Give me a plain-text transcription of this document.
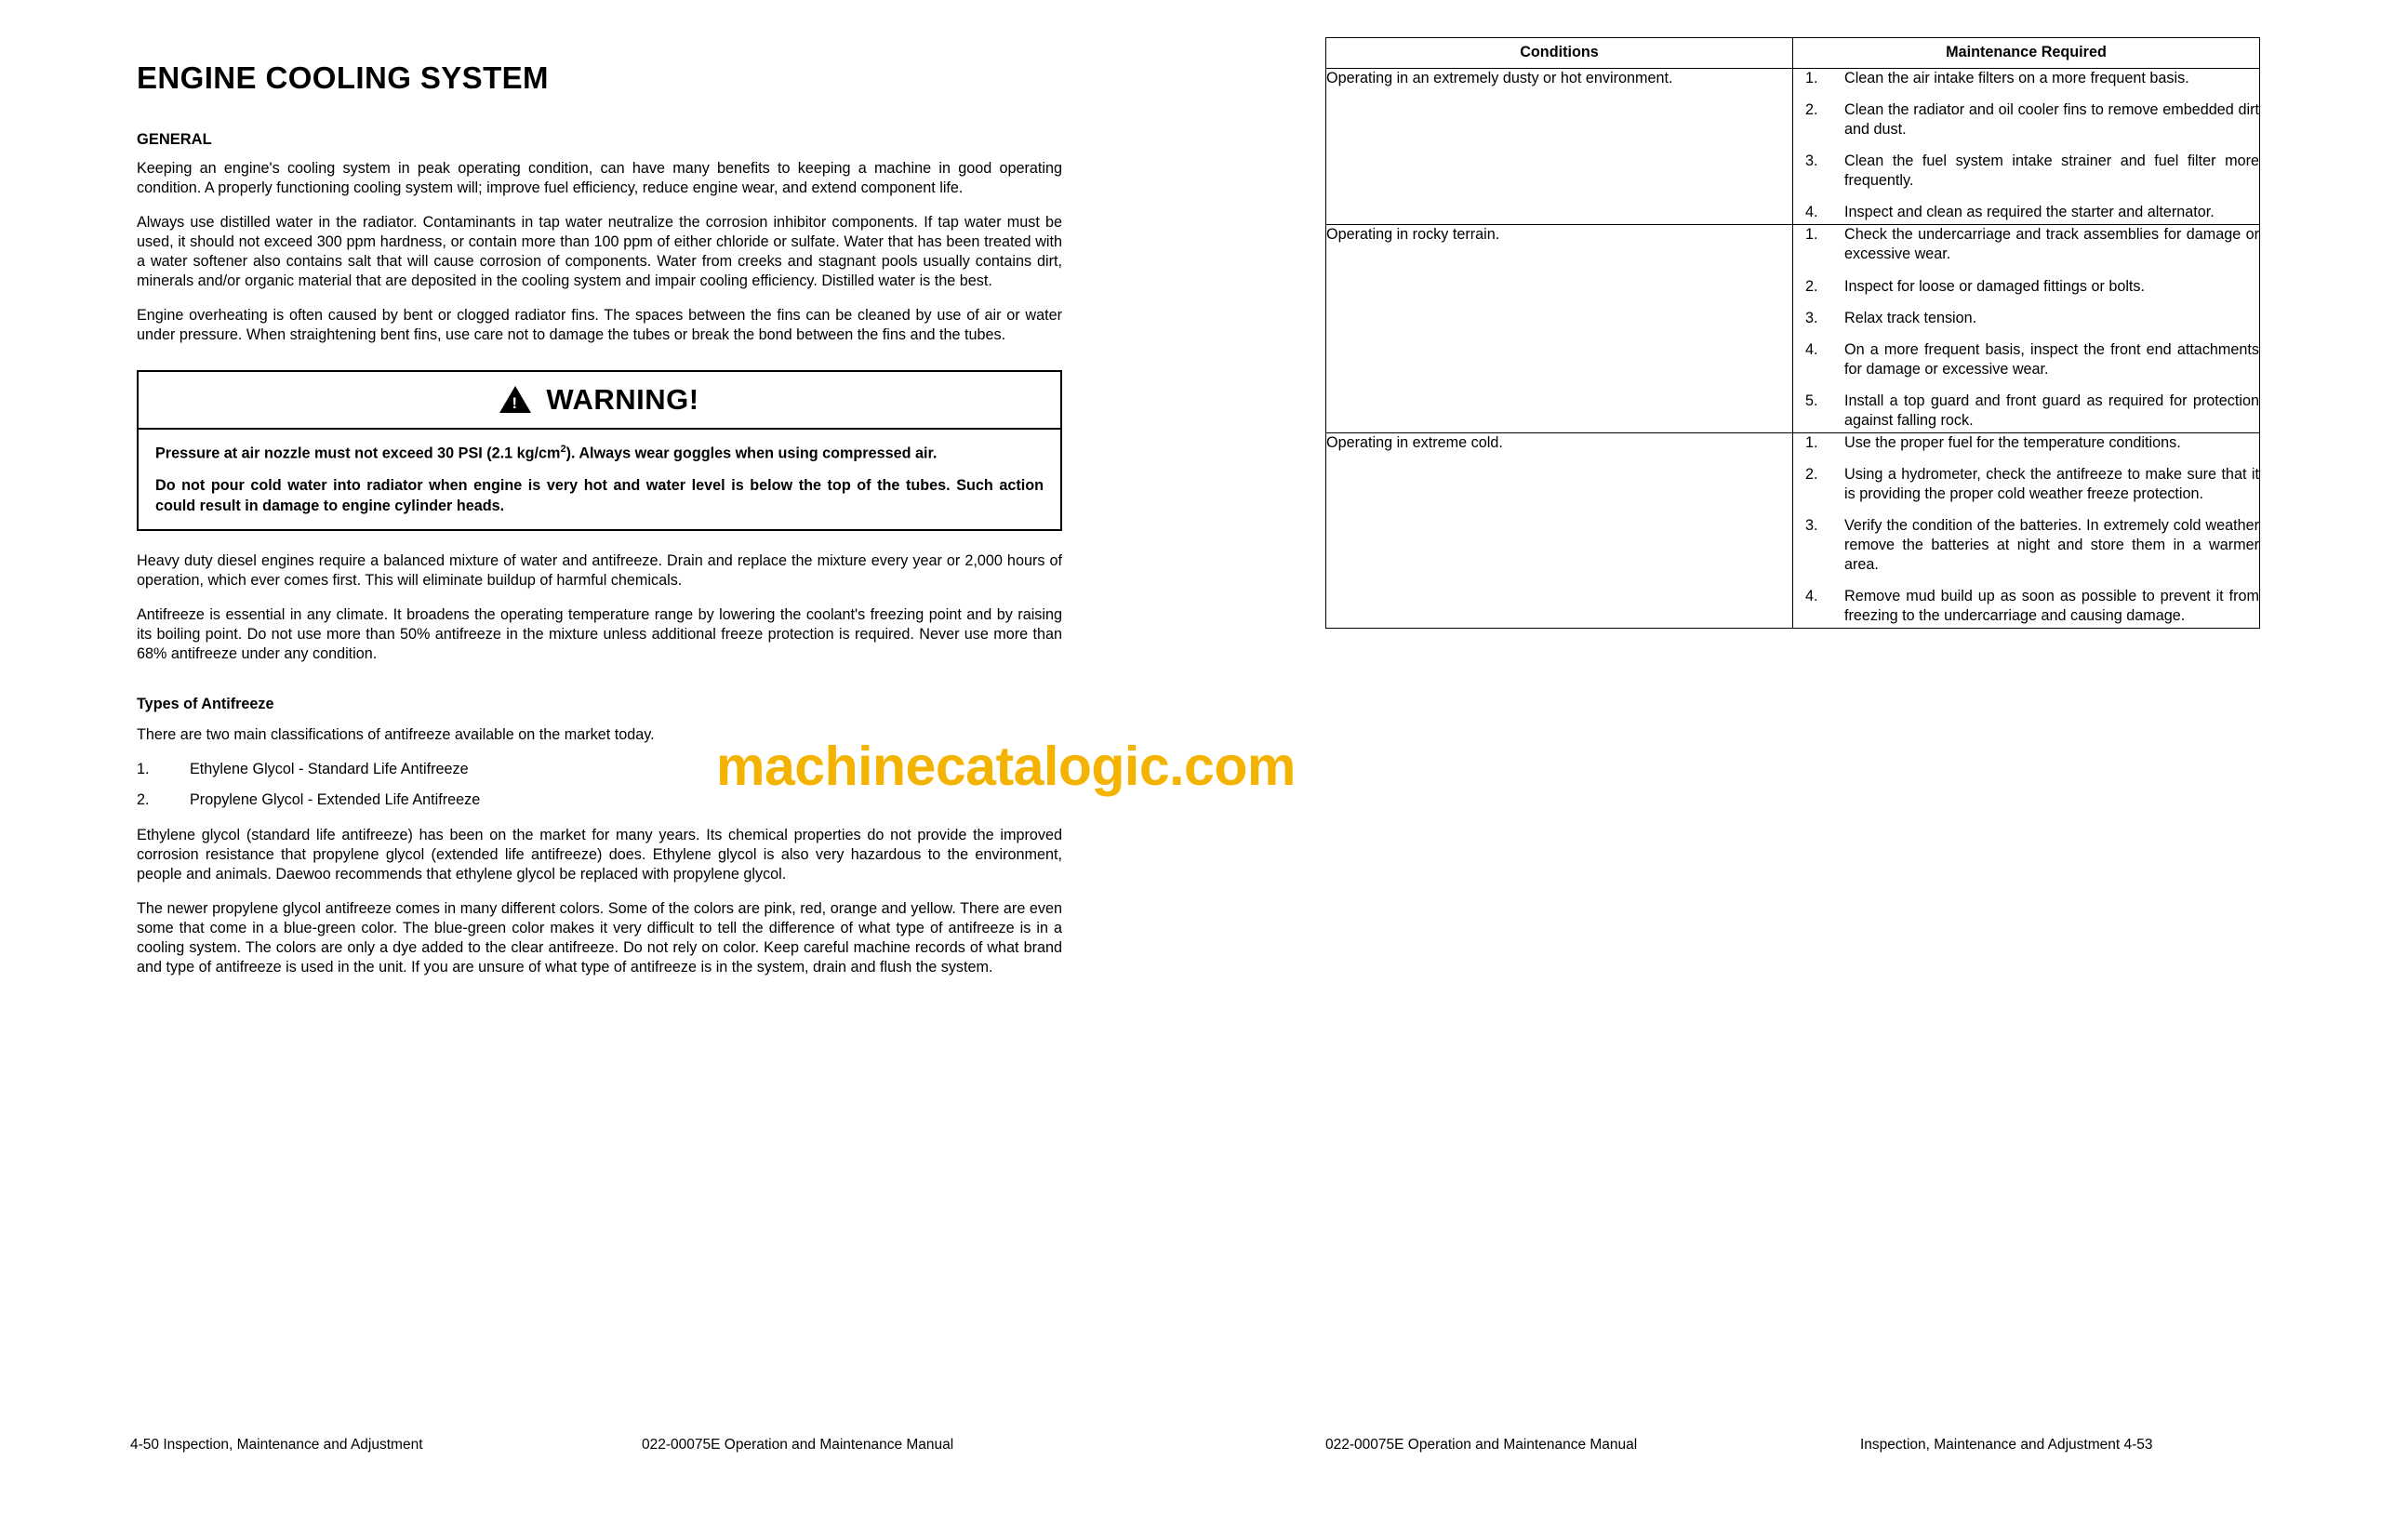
ENGINE COOLING SYSTEM
GENERAL

Keeping an engine's cooling system in peak operating condition, can have many benefits to keeping a machine in good operating condition. A properly functioning cooling system will; improve fuel efficiency, reduce engine wear, and extend component life.

Always use distilled water in the radiator. Contaminants in tap water neutralize the corrosion inhibitor components. If tap water must be used, it should not exceed 300 ppm hardness, or contain more than 100 ppm of either chloride or sulfate. Water that has been treated with a water softener also contains salt that will cause corrosion of components. Water from creeks and stagnant pools usually contains dirt, minerals and/or organic material that are deposited in the cooling system and impair cooling efficiency. Distilled water is the best.

Engine overheating is often caused by bent or clogged radiator fins. The spaces between the fins can be cleaned by use of air or water under pressure. When straightening bent fins, use care not to damage the tubes or break the bond between the fins and the tubes.

!
WARNING!

Pressure at air nozzle must not exceed 30 PSI (2.1 $kg/cm^2$). Always wear goggles when using compressed air.

Do not pour cold water into radiator when engine is very hot and water level is below the top of the tubes. Such action could result in damage to engine cylinder heads.

Heavy duty diesel engines require a balanced mixture of water and antifreeze. Drain and replace the mixture every year or 2,000 hours of operation, which ever comes first. This will eliminate buildup of harmful chemicals.

Antifreeze is essential in any climate. It broadens the operating temperature range by lowering the coolant's freezing point and by raising its boiling point. Do not use more than 50% antifreeze in the mixture unless additional freeze protection is required. Never use more than 68% antifreeze under any condition.

Types of Antifreeze

There are two main classifications of antifreeze available on the market today.

1.	Ethylene Glycol - Standard Life Antifreeze
2.	Propylene Glycol - Extended Life Antifreeze

Ethylene glycol (standard life antifreeze) has been on the market for many years. Its chemical properties do not provide the improved corrosion resistance that propylene glycol (extended life antifreeze) does. Ethylene glycol is also very hazardous to the environment, people and animals. Daewoo recommends that ethylene glycol be replaced with propylene glycol.

The newer propylene glycol antifreeze comes in many different colors. Some of the colors are pink, red, orange and yellow. There are even some that come in a blue-green color. The blue-green color makes it very difficult to tell the difference of what type of antifreeze is in a cooling system. The colors are only a dye added to the clear antifreeze. Do not rely on color. Keep careful machine records of what brand and type of antifreeze is used in the unit. If you are unsure of what type of antifreeze is in the system, drain and flush the system.

Conditions	Maintenance Required
Operating in an extremely dusty or hot environment.	1.	Clean the air intake filters on a more frequent basis.
2.	Clean the radiator and oil cooler fins to remove embedded dirt and dust.
3.	Clean the fuel system intake strainer and fuel filter more frequently.
4.	Inspect and clean as required the starter and alternator.

Operating in rocky terrain.	1.	Check the undercarriage and track assemblies for damage or excessive wear.
2.	Inspect for loose or damaged fittings or bolts.
3.	Relax track tension.
4.	On a more frequent basis, inspect the front end attachments for damage or excessive wear.
5.	Install a top guard and front guard as required for protection against falling rock.

Operating in extreme cold.	1.	Use the proper fuel for the temperature conditions.
2.	Using a hydrometer, check the antifreeze to make sure that it is providing the proper cold weather freeze protection.
3.	Verify the condition of the batteries. In extremely cold weather remove the batteries at night and store them in a warmer area.
4.	Remove mud build up as soon as possible to prevent it from freezing to the undercarriage and causing damage.
4-50 Inspection, Maintenance and Adjustment	022-00075E Operation and Maintenance Manual	022-00075E Operation and Maintenance Manual	Inspection, Maintenance and Adjustment 4-53
machinecatalogic.com
